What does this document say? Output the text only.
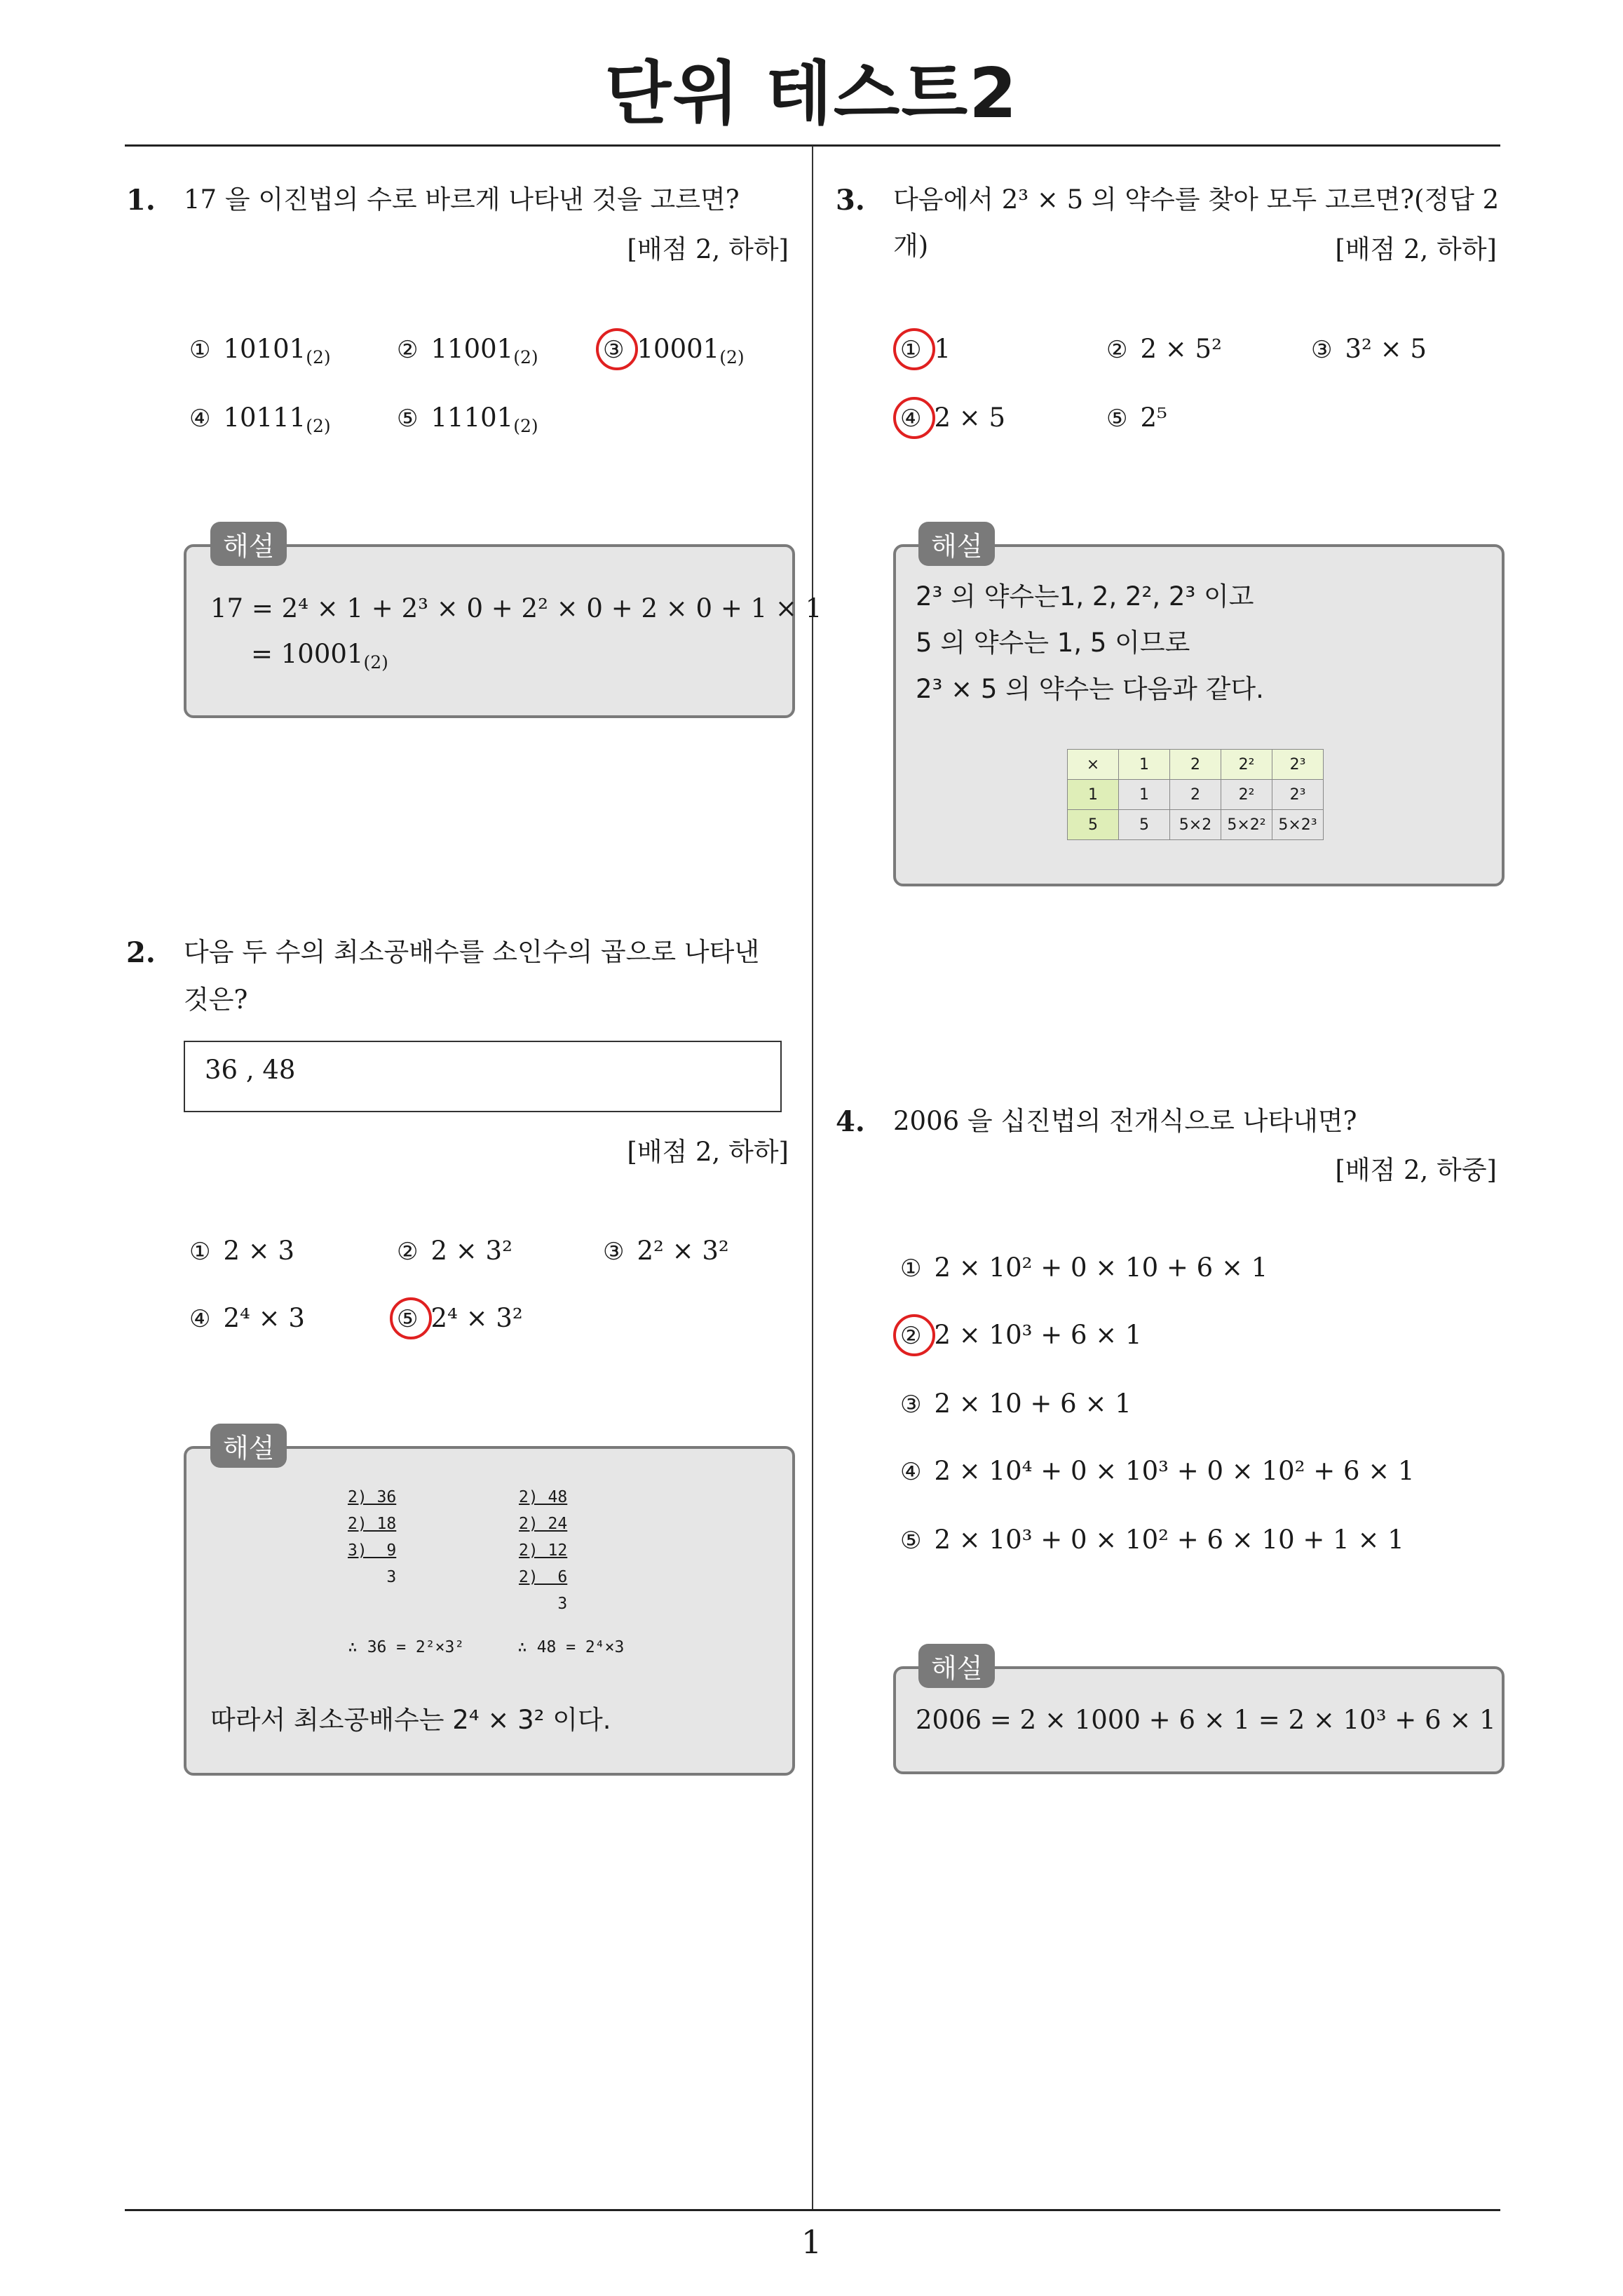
단위 테스트2
1. 17 을 이진법의 수로 바르게 나타낸 것을 고르면?
[배점 2, 하하]
① $10101_{(2)}$	② $11001_{(2)}$	③ $10001_{(2)}$
④ $10111_{(2)}$	⑤ $11101_{(2)}$
해설
17 = 2⁴ × 1 + 2³ × 0 + 2² × 0 + 2 × 0 + 1 × 1
= $10001_{(2)}$
2. 다음 두 수의 최소공배수를 소인수의 곱으로 나타낸
것은?
36 , 48
[배점 2, 하하]
① 2 × 3	② 2 × 3²	③ 2² × 3²
④ 2⁴ × 3	⑤ 2⁴ × 3²
해설
2) 36
2) 18
3)  9
3
2) 48
2) 24
2) 12
2)  6
3
∴ 36 = 2²×3²	∴ 48 = 2⁴×3
따라서 최소공배수는 2⁴ × 3² 이다.
3. 다음에서 2³ × 5 의 약수를 찾아 모두 고르면?(정답 2
개)	[배점 2, 하하]
① 1	② 2 × 5²	③ 3² × 5
④ 2 × 5	⑤ 2⁵
해설
2³ 의 약수는1, 2, 2², 2³ 이고
5 의 약수는 1, 5 이므로
2³ × 5 의 약수는 다음과 같다.
×	1	2	2²	2³
1	1	2	2²	2³
5	5	5×2	5×2²	5×2³
4. 2006 을 십진법의 전개식으로 나타내면?
[배점 2, 하중]
① 2 × 10² + 0 × 10 + 6 × 1
② 2 × 10³ + 6 × 1
③ 2 × 10 + 6 × 1
④ 2 × 10⁴ + 0 × 10³ + 0 × 10² + 6 × 1
⑤ 2 × 10³ + 0 × 10² + 6 × 10 + 1 × 1
해설
2006 = 2 × 1000 + 6 × 1 = 2 × 10³ + 6 × 1
1
